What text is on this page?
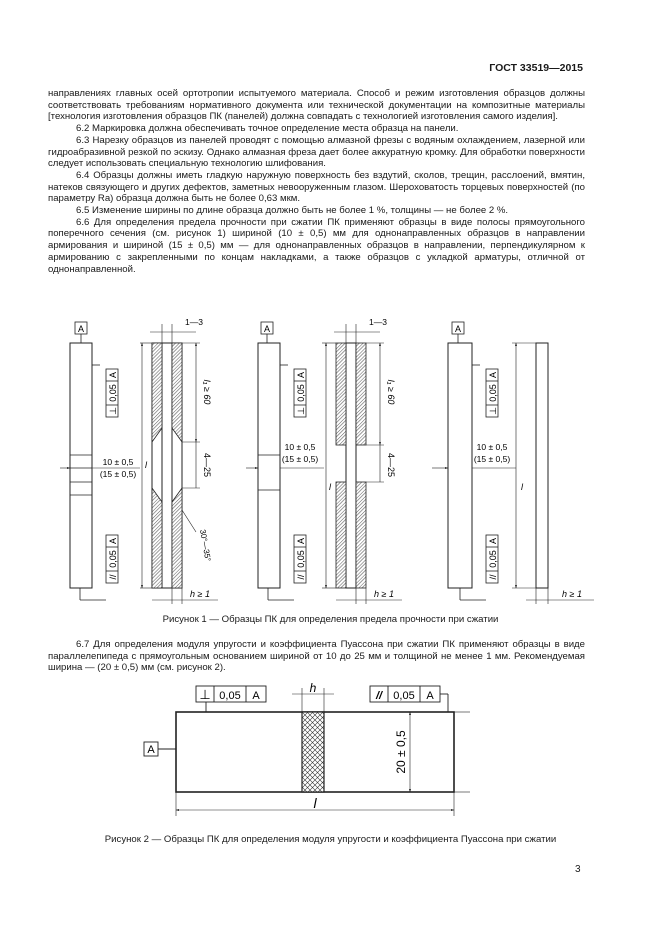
ГОСТ 33519—2015

направлениях главных осей ортотропии испытуемого материала. Способ и режим изготовления образцов должны соответствовать требованиям нормативного документа или технической документации на композитные материалы [технология изготовления образцов ПК (панелей) должна совпадать с технологией изготовления самого изделия].

6.2 Маркировка должна обеспечивать точное определение места образца на панели.

6.3 Нарезку образцов из панелей проводят с помощью алмазной фрезы с водяным охлаждением, лазерной или гидроабразивной резкой по эскизу. Однако алмазная фреза дает более аккуратную кромку. Для обработки поверхности следует использовать специальную технологию шлифования.

6.4 Образцы должны иметь гладкую наружную поверхность без вздутий, сколов, трещин, расслоений, вмятин, натеков связующего и других дефектов, заметных невооруженным глазом. Шероховатость торцевых поверхностей (по параметру Ra) образца должна быть не более 0,63 мкм.

6.5 Изменение ширины по длине образца должно быть не более 1 %, толщины — не более 2 %.

6.6 Для определения предела прочности при сжатии ПК применяют образцы в виде полосы прямоугольного поперечного сечения (см. рисунок 1) шириной (10 ± 0,5) мм для однонаправленных образцов в направлении армирования и шириной (15 ± 0,5) мм — для однонаправленных образцов в направлении, перпендикулярном к армированию с закрепленными по концам накладками, а также образцов с укладкой арматуры, отличной от однонаправленной.

A
⊥
0,05
A
//
0,05
A
10 ± 0,5
(15 ± 0,5)
1—3
l₁ ≥ 60
4—25
l
30°—35°
h ≥ 1
A
⊥
0,05
A
//
0,05
A
10 ± 0,5
(15 ± 0,5)
1—3
l₁ ≥ 60
4—25
l
h ≥ 1
A
⊥
0,05
A
//
0,05
A
10 ± 0,5
(15 ± 0,5)
l
h ≥ 1
Рисунок 1 — Образцы ПК для определения предела прочности при сжатии

6.7 Для определения модуля упругости и коэффициента Пуассона при сжатии ПК применяют образцы в виде параллелепипеда с прямоугольным основанием шириной от 10 до 25 мм и толщиной не менее 1 мм. Рекомендуемая ширина — (20 ± 0,5) мм (см. рисунок 2).

⊥ 0,05 A
h
// 0,05 A
A	20 ± 0,5
l
Рисунок 2 — Образцы ПК для определения модуля упругости и коэффициента Пуассона при сжатии
3
